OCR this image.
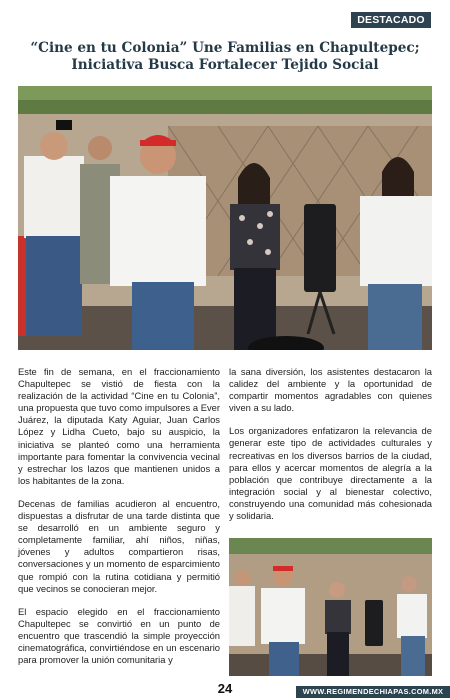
DESTACADO
“Cine en tu Colonia” Une Familias en Chapultepec; Iniciativa Busca Fortalecer Tejido Social

Este fin de semana, en el fraccionamiento Chapultepec se vistió de fiesta con la realización de la actividad “Cine en tu Colonia”, una propuesta que tuvo como impulsores a Ever Juárez, la diputada Katy Aguiar, Juan Carlos López y Lidha Cueto, bajo su auspicio, la iniciativa se planteó como una herramienta importante para fomentar la convivencia vecinal y estrechar los lazos que mantienen unidos a los habitantes de la zona.

Decenas de familias acudieron al encuentro, dispuestas a disfrutar de una tarde distinta que se desarrolló en un ambiente seguro y completamente familiar, ahí niños, niñas, jóvenes y adultos compartieron risas, conversaciones y un momento de esparcimiento que rompió con la rutina cotidiana y permitió que vecinos se conocieran mejor.

El espacio elegido en el fraccionamiento Chapultepec se convirtió en un punto de encuentro que trascendió la simple proyección cinematográfica, convirtiéndose en un escenario para promover la unión comunitaria y

la sana diversión, los asistentes destacaron la calidez del ambiente y la oportunidad de compartir momentos agradables con quienes viven a su lado.

Los organizadores enfatizaron la relevancia de generar este tipo de actividades culturales y recreativas en los diversos barrios de la ciudad, para ellos y acercar momentos de alegría a la población que contribuye directamente a la integración social y al bienestar colectivo, construyendo una comunidad más cohesionada y solidaria.

24	WWW.REGIMENDECHIAPAS.COM.MX
